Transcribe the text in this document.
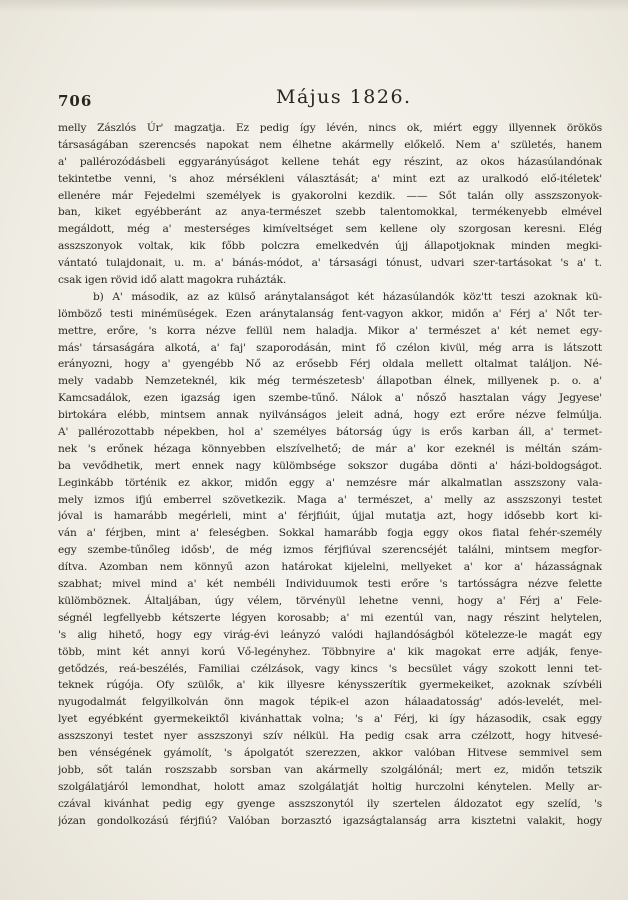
706	Május 1826.
melly Zászlós Úr' magzatja. Ez pedig így lévén, nincs ok, miért eggy illyennek örökös
társaságában szerencsés napokat nem élhetne akármelly előkelő. Nem a' születés, hanem
a' pallérozódásbeli eggyarányúságot kellene tehát egy részint, az okos házasúlandónak
tekintetbe venni, 's ahoz mérsékleni választását; a' mint ezt az uralkodó elő-itéletek'
ellenére már Fejedelmi személyek is gyakorolni kezdik. —— Sőt talán olly asszszonyok-
ban, kiket egyébberánt az anya-természet szebb talentomokkal, termékenyebb elmével
megáldott, még a' mesterséges kimíveltséget sem kellene oly szorgosan keresni. Elég
asszszonyok voltak, kik főbb polczra emelkedvén újj állapotjoknak minden megki-
vántató tulajdonait, u. m. a' bánás-módot, a' társasági tónust, udvari szer-tartásokat 's a' t.
csak igen rövid idő alatt magokra ruházták.
b) A' második, az az külső aránytalanságot két házasúlandók köz'tt teszi azoknak kü-
lömböző testi minémüségek. Ezen aránytalanság fent-vagyon akkor, midőn a' Férj a' Nőt ter-
mettre, erőre, 's korra nézve fellül nem haladja. Mikor a' természet a' két nemet egy-
más' társaságára alkotá, a' faj' szaporodásán, mint fő czélon kivül, még arra is látszott
erányozni, hogy a' gyengébb Nő az erősebb Férj oldala mellett oltalmat találjon. Né-
mely vadabb Nemzeteknél, kik még természetesb' állapotban élnek, millyenek p. o. a'
Kamcsadálok, ezen igazság igen szembe-tűnő. Nálok a' nősző hasztalan vágy Jegyese'
birtokára elébb, mintsem annak nyilvánságos jeleit adná, hogy ezt erőre nézve felmúlja.
A' pallérozottabb népekben, hol a' személyes bátorság úgy is erős karban áll, a' termet-
nek 's erőnek hézaga könnyebben elszívelhető; de már a' kor ezeknél is méltán szám-
ba vevődhetik, mert ennek nagy külömbsége sokszor dugába dönti a' házi-boldogságot.
Leginkább történik ez akkor, midőn eggy a' nemzésre már alkalmatlan asszszony vala-
mely izmos ifjú emberrel szövetkezik. Maga a' természet, a' melly az asszszonyi testet
jóval is hamarább megérleli, mint a' férjfiúit, újjal mutatja azt, hogy idősebb kort ki-
ván a' férjben, mint a' feleségben. Sokkal hamarább fogja eggy okos fiatal fehér-személy
egy szembe-tűnőleg idősb', de még izmos férjfiúval szerencséjét találni, mintsem megfor-
dítva. Azomban nem könnyű azon határokat kijelelni, mellyeket a' kor a' házasságnak
szabhat; mivel mind a' két nembéli Individuumok testi erőre 's tartósságra nézve felette
külömböznek. Általjában, úgy vélem, törvényül lehetne venni, hogy a' Férj a' Fele-
ségnél legfellyebb kétszerte légyen korosabb; a' mi ezentúl van, nagy részint helytelen,
's alig hihető, hogy egy virág-évi leányzó valódi hajlandóságból kötelezze-le magát egy
több, mint két annyi korú Vő-legényhez. Többnyire a' kik magokat erre adják, fenye-
getődzés, reá-beszélés, Familiai czélzások, vagy kincs 's becsület vágy szokott lenni tet-
teknek rúgója. Ofy szülők, a' kik illyesre kénysszerítik gyermekeiket, azoknak szívbéli
nyugodalmát felgyilkolván önn magok tépik-el azon hálaadatosság' adós-levelét, mel-
lyet egyébként gyermekeiktől kivánhattak volna; 's a' Férj, ki így házasodik, csak eggy
asszszonyi testet nyer asszszonyi szív nélkül. Ha pedig csak arra czélzott, hogy hitvesé-
ben vénségének gyámolít, 's ápolgatót szerezzen, akkor valóban Hitvese semmivel sem
jobb, sőt talán roszszabb sorsban van akármelly szolgálónál; mert ez, midőn tetszik
szolgálatjáról lemondhat, holott amaz szolgálatját holtig hurczolni kénytelen. Melly ar-
czával kivánhat pedig egy gyenge asszszonytól ily szertelen áldozatot egy szelíd, 's
józan gondolkozású férjfiú? Valóban borzasztó igazságtalanság arra kisztetni valakit, hogy
